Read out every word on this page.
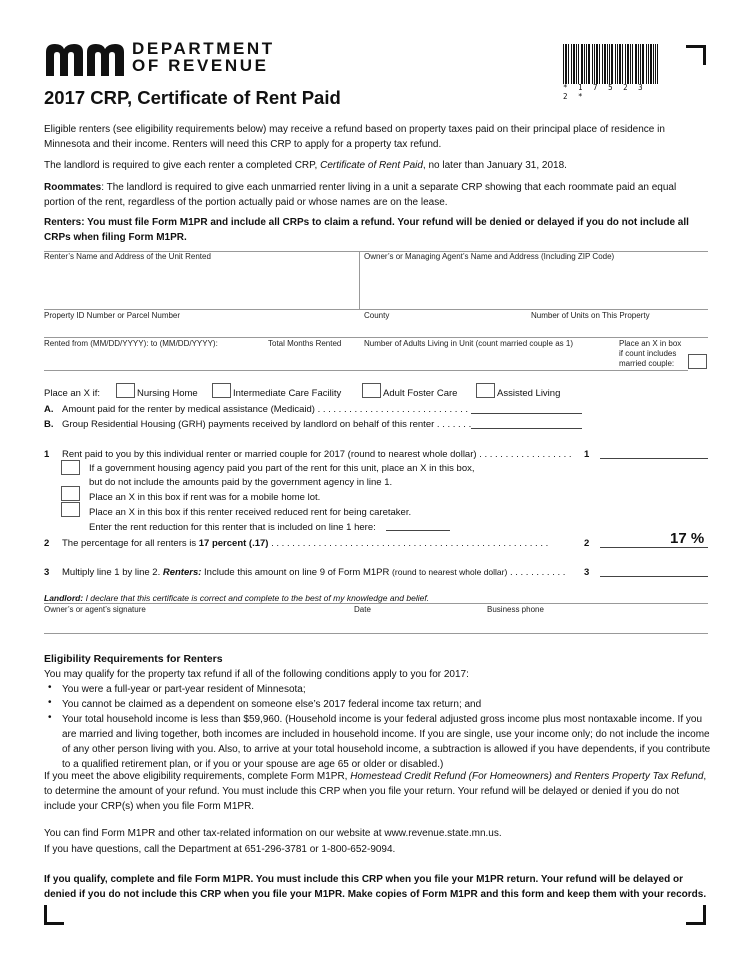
DEPARTMENT
OF REVENUE
2017 CRP, Certificate of Rent Paid	* 1 7 5 2 3 2 *
Eligible renters (see eligibility requirements below) may receive a refund based on property taxes paid on their principal place of residence in Minnesota and their income. Renters will need this CRP to apply for a property tax refund.
The landlord is required to give each renter a completed CRP, Certificate of Rent Paid, no later than January 31, 2018.
Roommates: The landlord is required to give each unmarried renter living in a unit a separate CRP showing that each roommate paid an equal portion of the rent, regardless of the portion actually paid or whose names are on the lease.
Renters: You must file Form M1PR and include all CRPs to claim a refund. Your refund will be denied or delayed if you do not include all CRPs when filing Form M1PR.
Renter’s Name and Address of the Unit Rented	Owner’s or Managing Agent’s Name and Address (Including ZIP Code)
Property ID Number or Parcel Number	County	Number of Units on This Property
Rented from (MM/DD/YYYY): to (MM/DD/YYYY):	Total Months Rented	Number of Adults Living in Unit (count married couple as 1)	Place an X in box
if count includes
married couple:
Place an X if:	Nursing Home	Intermediate Care Facility	Adult Foster Care	Assisted Living
A. Amount paid for the renter by medical assistance (Medicaid) . . . . . . . . . . . . . . . . . . . . . . . . . . . . .
B. Group Residential Housing (GRH) payments received by landlord on behalf of this renter . . . . . . .
1 Rent paid to you by this individual renter or married couple for 2017 (round to nearest whole dollar) . . . . . . . . . . . . . . . . . . 1
If a government housing agency paid you part of the rent for this unit, place an X in this box,
but do not include the amounts paid by the government agency in line 1.
Place an X in this box if rent was for a mobile home lot.
Place an X in this box if this renter received reduced rent for being caretaker.
Enter the rent reduction for this renter that is included on line 1 here:
2 The percentage for all renters is 17 percent (.17) . . . . . . . . . . . . . . . . . . . . . . . . . . . . . . . . . . . . . . . . . . . . . . . . . . . . .	2	17 %
3 Multiply line 1 by line 2. Renters: Include this amount on line 9 of Form M1PR (round to nearest whole dollar) . . . . . . . . . . . 3
Landlord: I declare that this certificate is correct and complete to the best of my knowledge and belief.
Owner’s or agent’s signature	Date	Business phone
Eligibility Requirements for Renters
You may qualify for the property tax refund if all of the following conditions apply to you for 2017:
• You were a full-year or part-year resident of Minnesota;
• You cannot be claimed as a dependent on someone else’s 2017 federal income tax return; and
• Your total household income is less than $59,960. (Household income is your federal adjusted gross income plus most nontaxable income. If you are married and living together, both incomes are included in household income. If you are single, use your income only; do not include the income of any other person living with you. Also, to arrive at your total household income, a subtraction is allowed if you have dependents, if you contribute to a qualified retirement plan, or if you or your spouse are age 65 or older or disabled.)
If you meet the above eligibility requirements, complete Form M1PR, Homestead Credit Refund (For Homeowners) and Renters Property Tax Refund, to determine the amount of your refund. You must include this CRP when you file your return. Your refund will be delayed or denied if you do not include your CRP(s) when you file Form M1PR.
You can find Form M1PR and other tax-related information on our website at www.revenue.state.mn.us.
If you have questions, call the Department at 651-296-3781 or 1-800-652-9094.
If you qualify, complete and file Form M1PR. You must include this CRP when you file your M1PR return. Your refund will be delayed or denied if you do not include this CRP when you file your M1PR. Make copies of Form M1PR and this form and keep them with your records.
